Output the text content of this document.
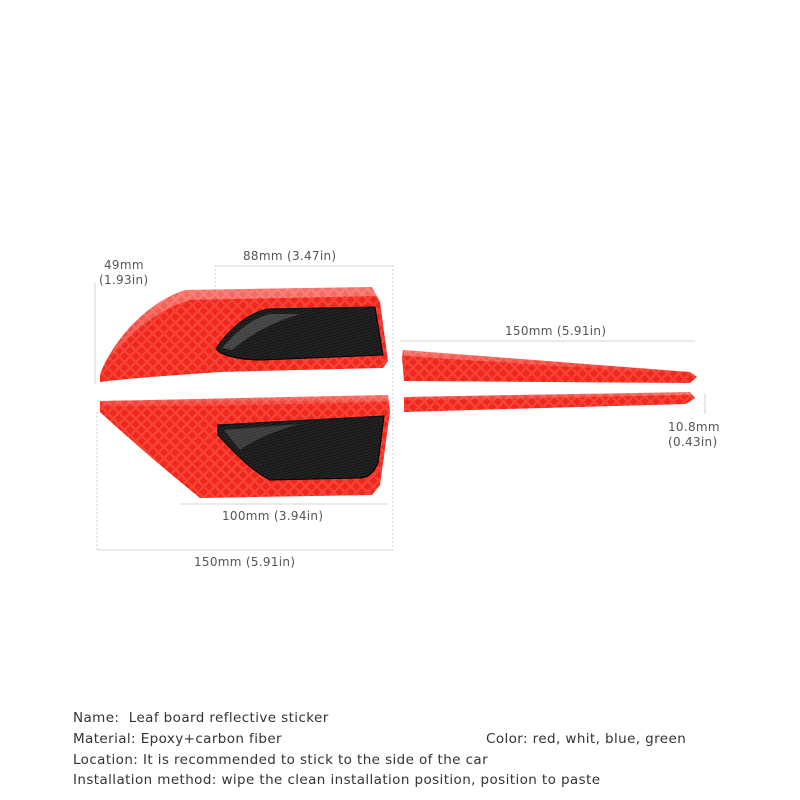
49mm
(1.93in)
88mm (3.47in)
150mm (5.91in)
10.8mm
(0.43in)
100mm (3.94in)
150mm (5.91in)
Name: Leaf board reflective sticker
Material: Epoxy+carbon fiber	Color: red, whit, blue, green
Location: It is recommended to stick to the side of the car
Installation method: wipe the clean installation position, position to paste
